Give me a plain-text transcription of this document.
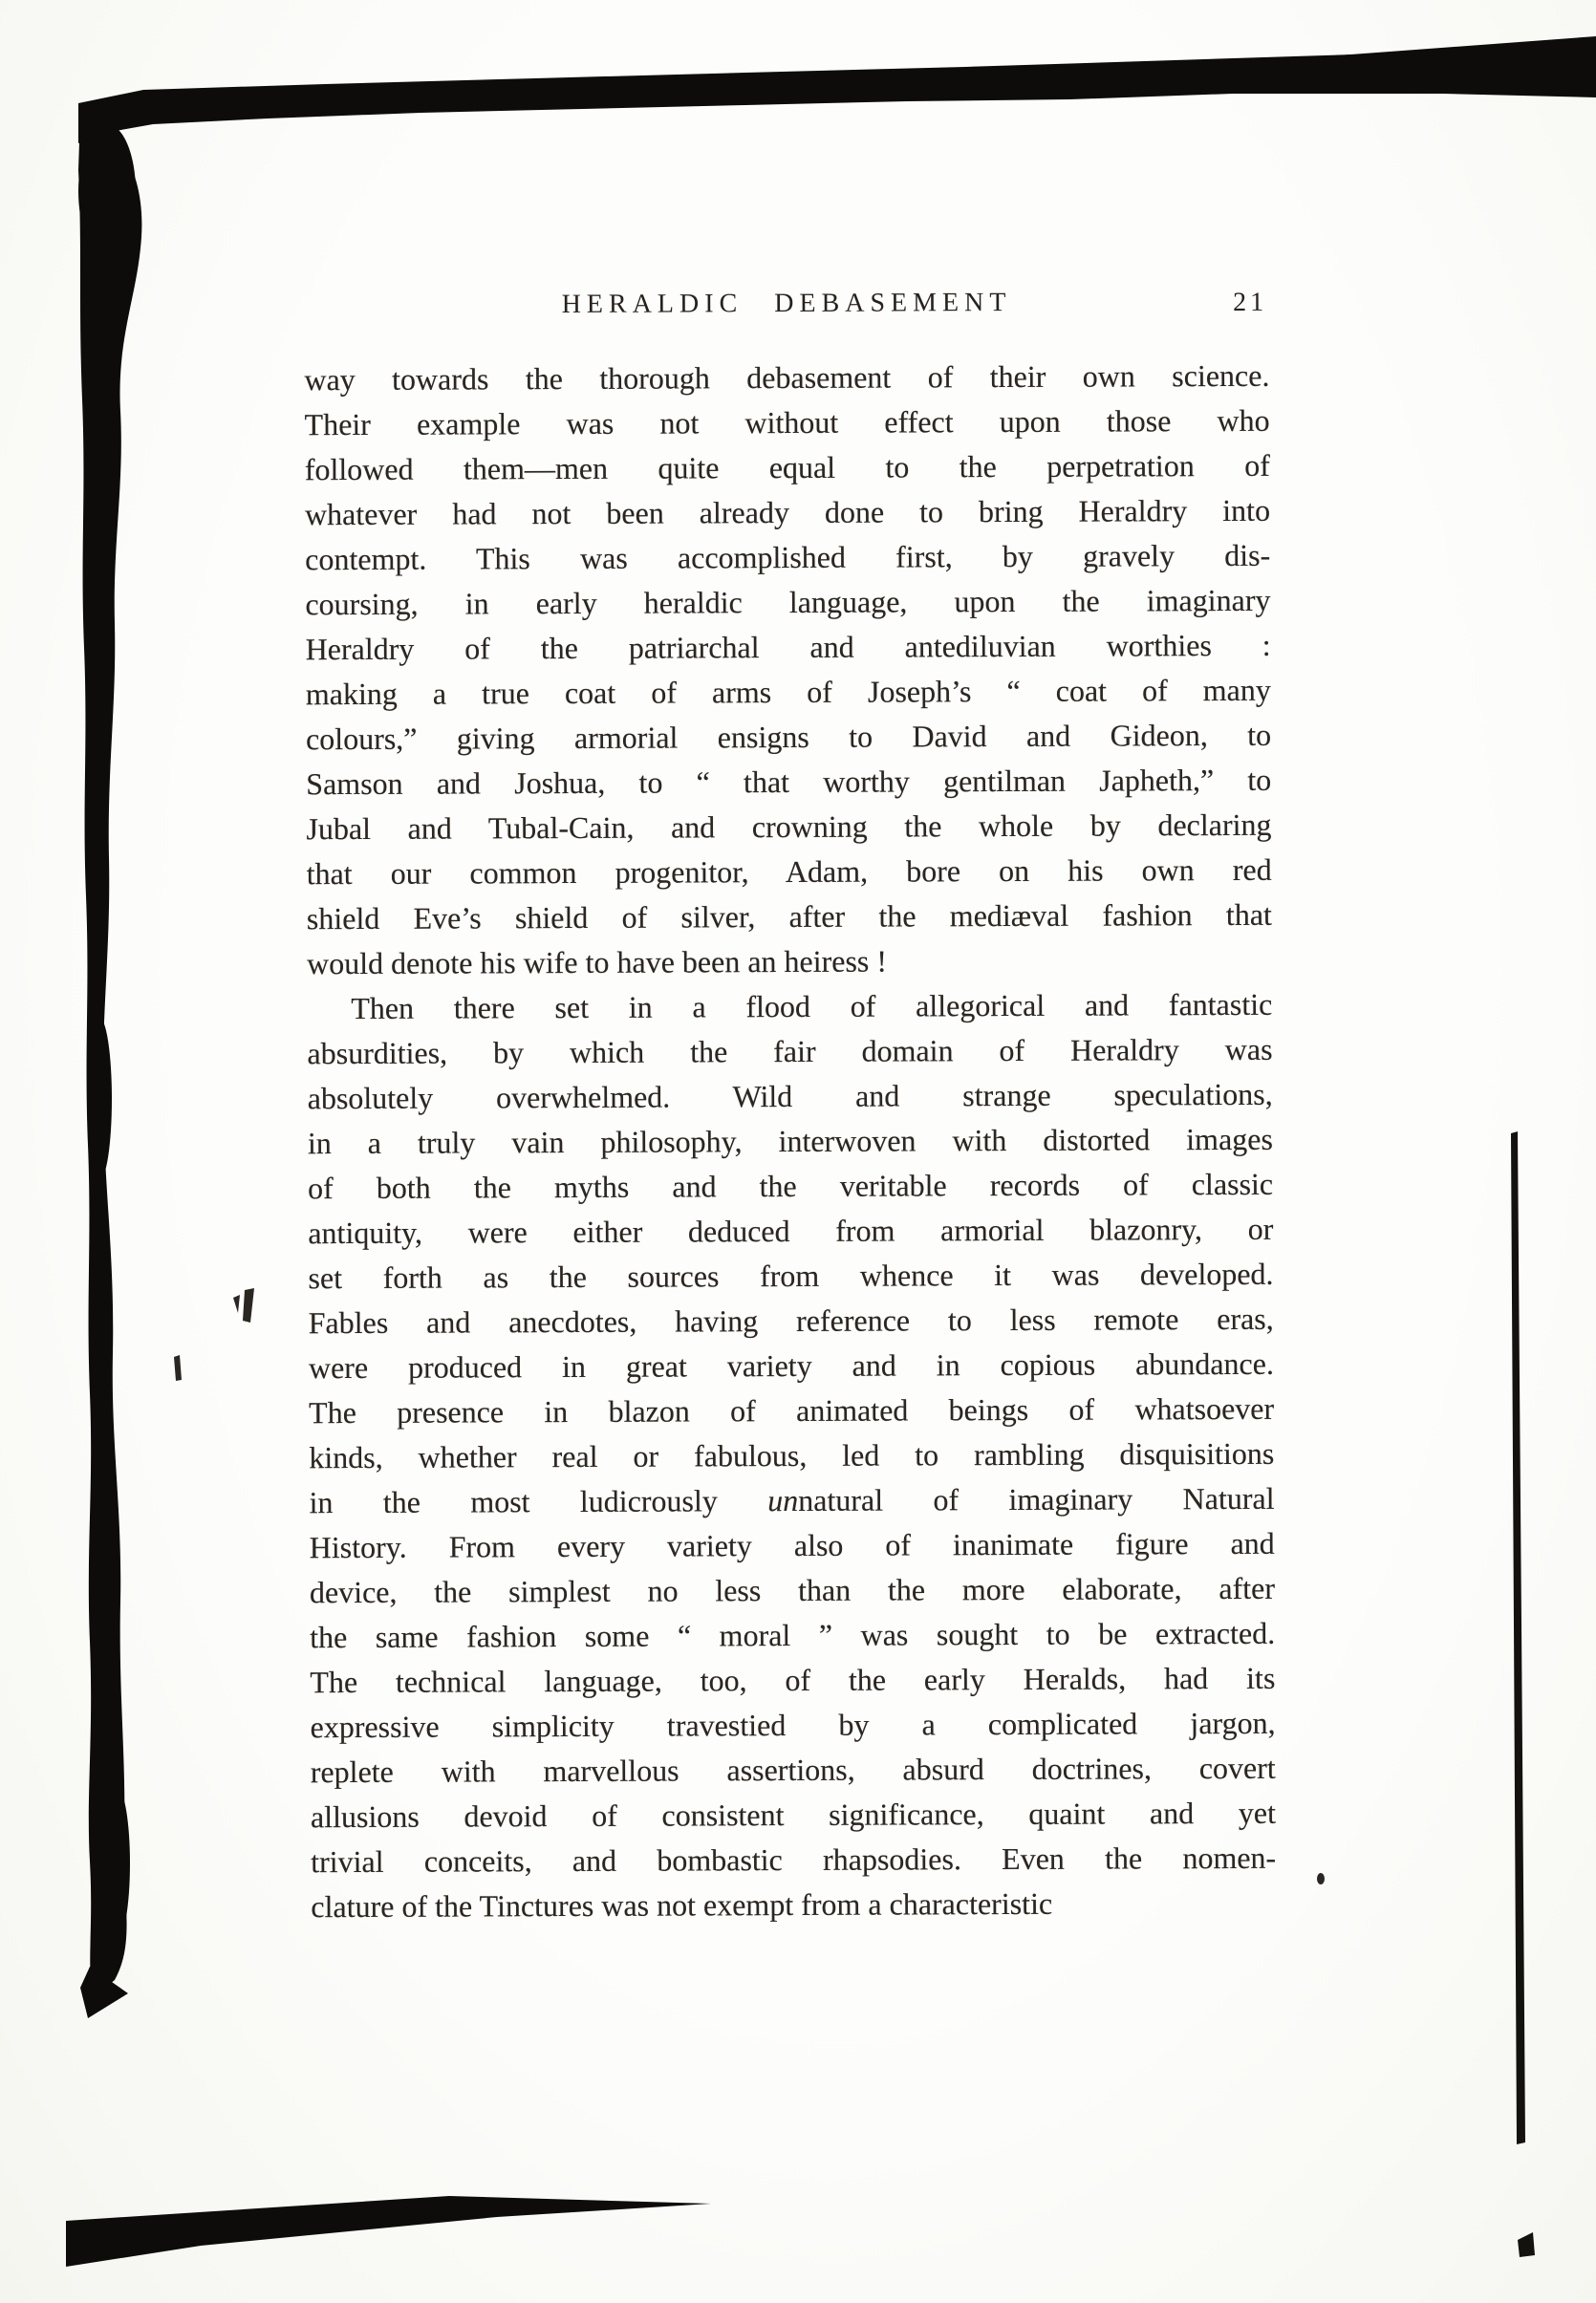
HERALDIC DEBASEMENT	21
way towards the thorough debasement of their own science.
Their example was not without effect upon those who
followed them—men quite equal to the perpetration of
whatever had not been already done to bring Heraldry into
contempt. This was accomplished first, by gravely dis-
coursing, in early heraldic language, upon the imaginary
Heraldry of the patriarchal and antediluvian worthies :
making a true coat of arms of Joseph’s “ coat of many
colours,” giving armorial ensigns to David and Gideon, to
Samson and Joshua, to “ that worthy gentilman Japheth,” to
Jubal and Tubal-Cain, and crowning the whole by declaring
that our common progenitor, Adam, bore on his own red
shield Eve’s shield of silver, after the mediæval fashion that
would denote his wife to have been an heiress !
Then there set in a flood of allegorical and fantastic
absurdities, by which the fair domain of Heraldry was
absolutely overwhelmed. Wild and strange speculations,
in a truly vain philosophy, interwoven with distorted images
of both the myths and the veritable records of classic
antiquity, were either deduced from armorial blazonry, or
set forth as the sources from whence it was developed.
Fables and anecdotes, having reference to less remote eras,
were produced in great variety and in copious abundance.
The presence in blazon of animated beings of whatsoever
kinds, whether real or fabulous, led to rambling disquisitions
in the most ludicrously unnatural of imaginary Natural
History. From every variety also of inanimate figure and
device, the simplest no less than the more elaborate, after
the same fashion some “ moral ” was sought to be extracted.
The technical language, too, of the early Heralds, had its
expressive simplicity travestied by a complicated jargon,
replete with marvellous assertions, absurd doctrines, covert
allusions devoid of consistent significance, quaint and yet
trivial conceits, and bombastic rhapsodies. Even the nomen-
clature of the Tinctures was not exempt from a characteristic
